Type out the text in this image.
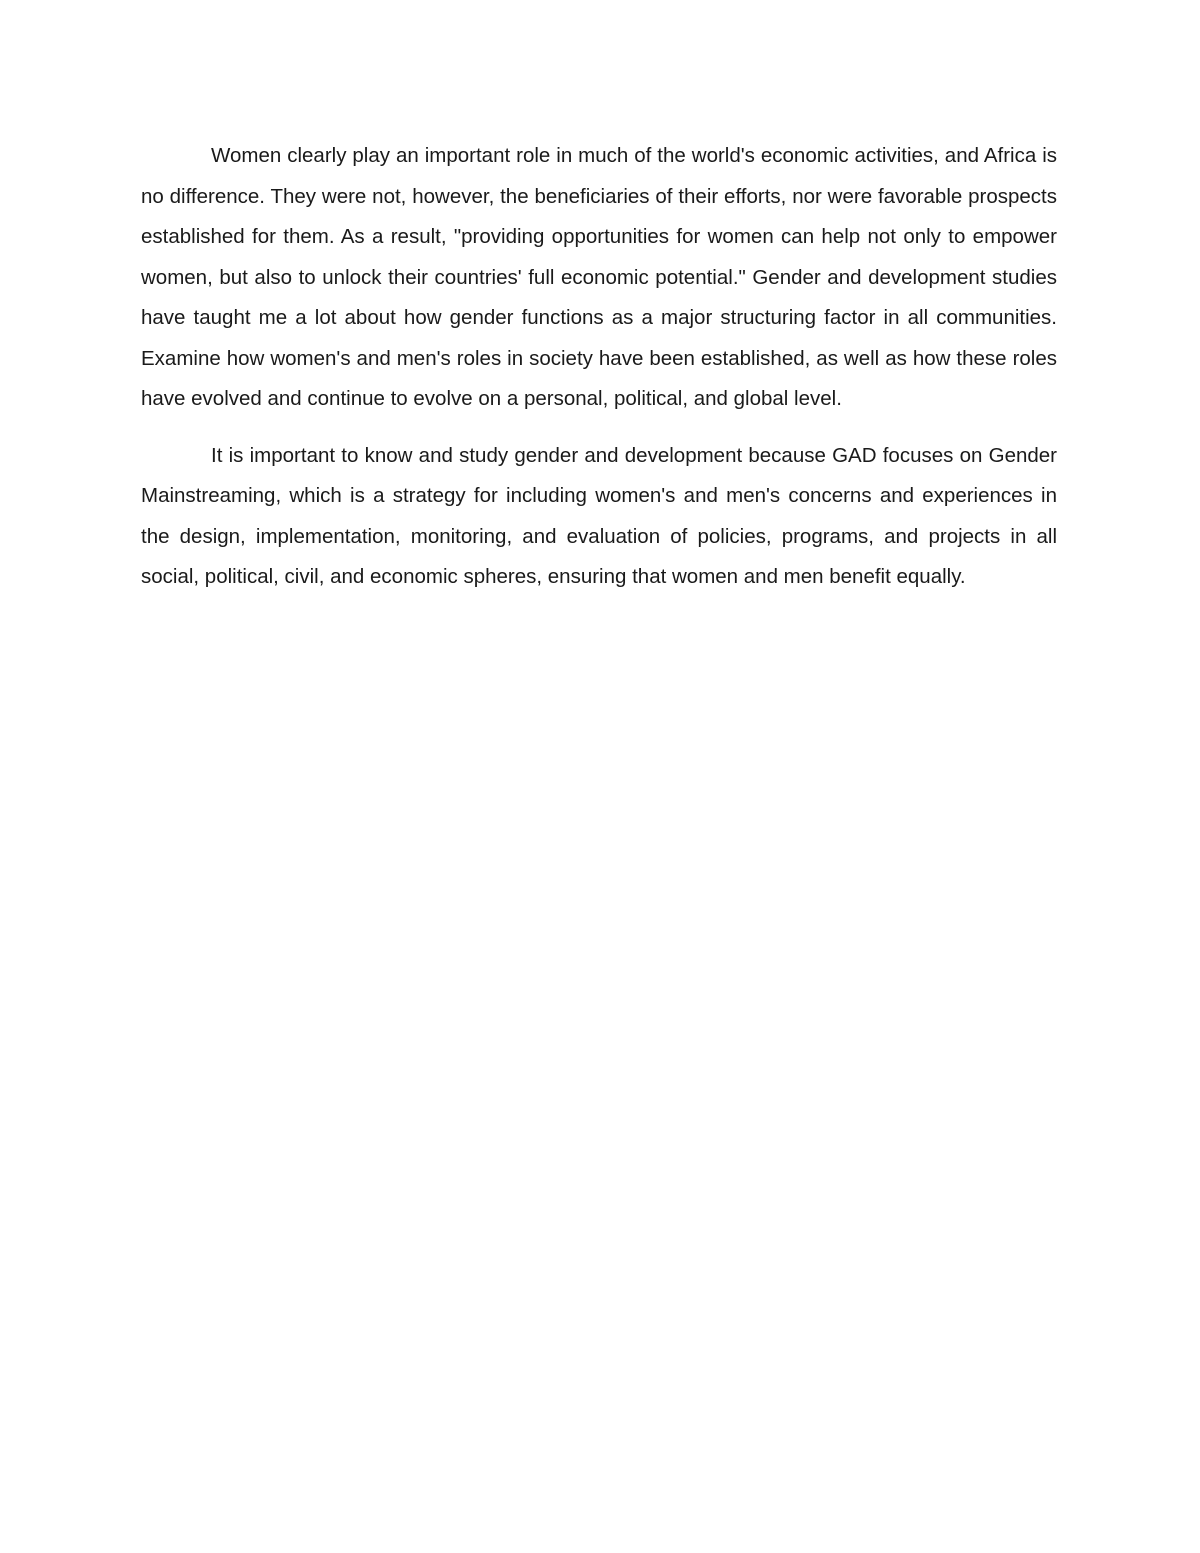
Women clearly play an important role in much of the world's economic activities, and Africa is no difference. They were not, however, the beneficiaries of their efforts, nor were favorable prospects established for them. As a result, "providing opportunities for women can help not only to empower women, but also to unlock their countries' full economic potential." Gender and development studies have taught me a lot about how gender functions as a major structuring factor in all communities. Examine how women's and men's roles in society have been established, as well as how these roles have evolved and continue to evolve on a personal, political, and global level.

It is important to know and study gender and development because GAD focuses on Gender Mainstreaming, which is a strategy for including women's and men's concerns and experiences in the design, implementation, monitoring, and evaluation of policies, programs, and projects in all social, political, civil, and economic spheres, ensuring that women and men benefit equally.
